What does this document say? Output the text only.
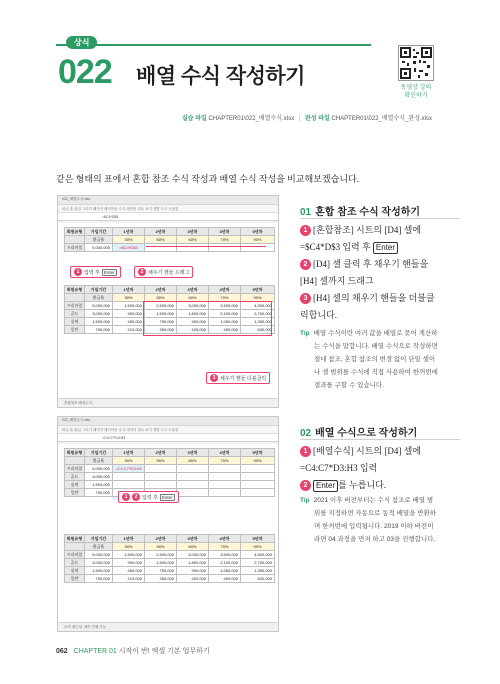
상식
022 배열 수식 작성하기	동영상 강의
확인하기
실습 파일 CHAPTER01\022_배열수식.xlsx | 완성 파일 CHAPTER01\022_배열수식_완성.xlsx
같은 형태의 표에서 혼합 참조 수식 작성과 배열 수식 작성을 비교해보겠습니다.
022_배열수식.xlsx
파일 홈 삽입 그리기 페이지 레이아웃 수식 데이터 검토 보기 개발 도구 도움말
=$C4*D$3
회원유형	가입기간	1년차	2년차	3년차	4년차	5년차
	환급율	30%	50%	60%	70%	90%
프리미엄	5,000,000	=$C4*D$3				
회원유형	가입기간	1년차	2년차	3년차	4년차	5년차
	환급율	30%	50%	60%	70%	90%
프리미엄	5,000,000	1,500,000	2,500,000	3,000,000	3,500,000	4,500,000
골드	3,000,000	900,000	1,500,000	1,800,000	2,100,000	2,700,000
실버	1,500,000	450,000	750,000	900,000	1,050,000	1,350,000
일반	700,000	210,000	350,000	420,000	490,000	630,000
1 입력 후 Enter	2 채우기 핸들 드래그
3 채우기 핸들 더블클릭
혼합참조 배열수식
022_배열수식.xlsx
파일 홈 삽입 그리기 페이지 레이아웃 수식 데이터 검토 보기 개발 도구 도움말
=C4:C7*D3:H3
회원유형	가입기간	1년차	2년차	3년차	4년차	5년차
	환급율	30%	50%	60%	70%	90%
프리미엄	5,000,000	=C4:C7*D3:H3				
골드	3,000,000					
실버	1,500,000					
일반	700,000					
회원유형	가입기간	1년차	2년차	3년차	4년차	5년차
	환급율	30%	50%	60%	70%	90%
프리미엄	5,000,000	1,500,000	2,500,000	3,000,000	3,500,000	4,500,000
골드	3,000,000	900,000	1,500,000	1,800,000	2,100,000	2,700,000
실버	1,500,000	450,000	750,000	900,000	1,050,000	1,350,000
일반	700,000	210,000	350,000	420,000	490,000	630,000
1	2 입력 후 Enter
준비 접근성: 계속 진행 가능
01 혼합 참조 수식 작성하기
1 [혼합참조] 시트의 [D4] 셀에
=$C4*D$3 입력 후 Enter
2 [D4] 셀 클릭 후 채우기 핸들을
[H4] 셀까지 드래그
3 [H4] 셀의 채우기 핸들을 더블클
릭합니다.
Tip 배열 수식이란 여러 값을 배열로 묶어 계산하
는 수식을 말합니다. 배열 수식으로 작성하면
절대 참조, 혼합 참조의 변경 없이 단일 셀이
나 셀 범위를 수식에 직접 사용하여 한꺼번에
결과를 구할 수 있습니다.
02 배열 수식으로 작성하기
1 [배열수식] 시트의 [D4] 셀에
=C4:C7*D3:H3 입력
2 Enter 를 누릅니다.
Tip 2021 이후 버전부터는 수식 참조로 배열 범
위를 지정하면 자동으로 동적 배열을 반환하
며 한꺼번에 입력됩니다. 2019 이하 버전이
라면 04 과정을 먼저 하고 03을 진행합니다.
062 CHAPTER 01 시작이 반! 엑셀 기본 업무하기
